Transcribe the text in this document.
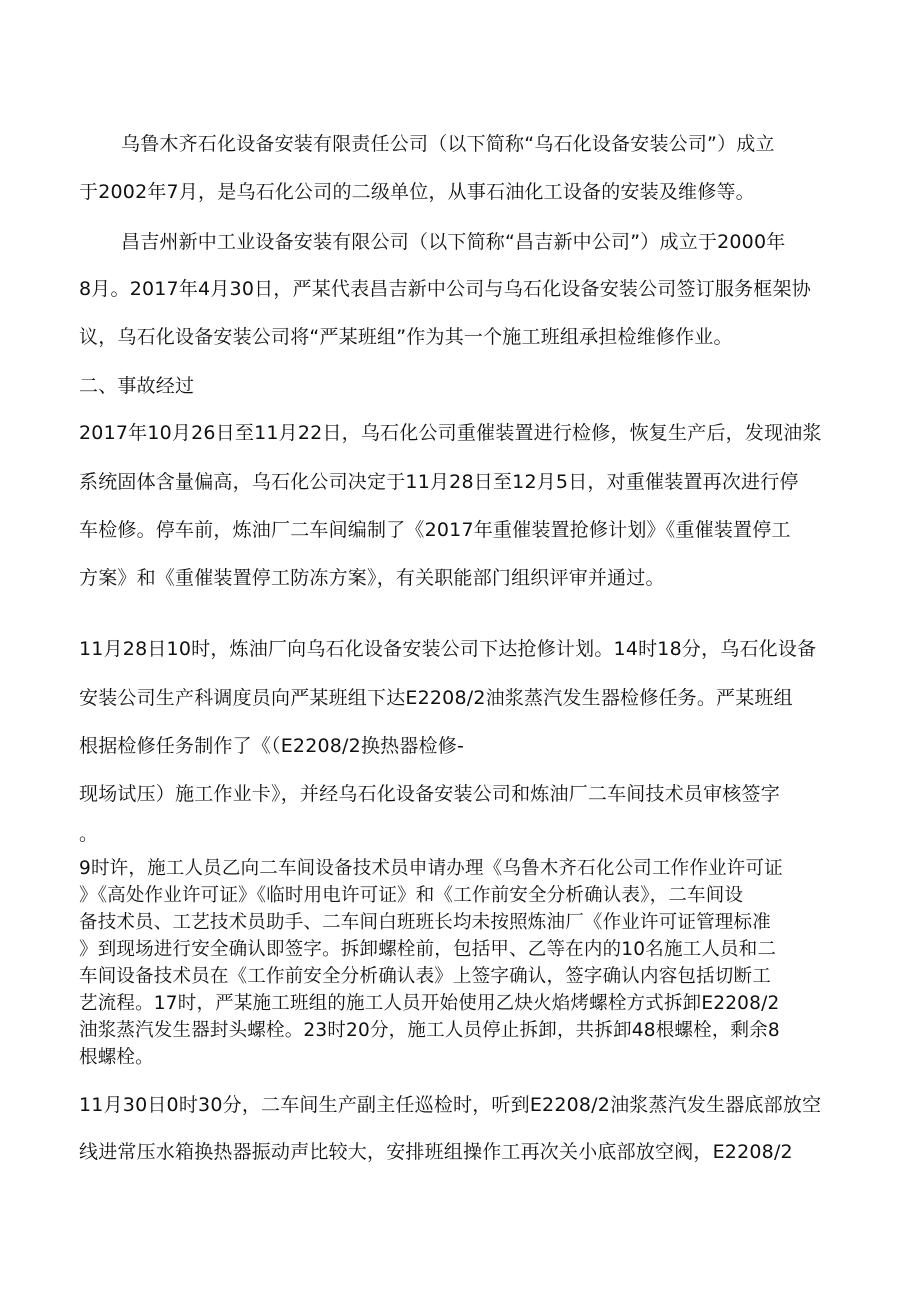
乌鲁木齐石化设备安装有限责任公司（以下简称“乌石化设备安装公司”）成立
于2002年7月，是乌石化公司的二级单位，从事石油化工设备的安装及维修等。
昌吉州新中工业设备安装有限公司（以下简称“昌吉新中公司”）成立于2000年
8月。2017年4月30日，严某代表昌吉新中公司与乌石化设备安装公司签订服务框架协
议，乌石化设备安装公司将“严某班组”作为其一个施工班组承担检维修作业。
二、事故经过
2017年10月26日至11月22日，乌石化公司重催装置进行检修，恢复生产后，发现油浆
系统固体含量偏高，乌石化公司决定于11月28日至12月5日，对重催装置再次进行停
车检修。停车前，炼油厂二车间编制了《2017年重催装置抢修计划》《重催装置停工
方案》和《重催装置停工防冻方案》，有关职能部门组织评审并通过。
11月28日10时，炼油厂向乌石化设备安装公司下达抢修计划。14时18分，乌石化设备
安装公司生产科调度员向严某班组下达E2208/2油浆蒸汽发生器检修任务。严某班组
根据检修任务制作了《（E2208/2换热器检修-
现场试压）施工作业卡》，并经乌石化设备安装公司和炼油厂二车间技术员审核签字
。
9时许，施工人员乙向二车间设备技术员申请办理《乌鲁木齐石化公司工作作业许可证
》《高处作业许可证》《临时用电许可证》和《工作前安全分析确认表》，二车间设
备技术员、工艺技术员助手、二车间白班班长均未按照炼油厂《作业许可证管理标准
》到现场进行安全确认即签字。拆卸螺栓前，包括甲、乙等在内的10名施工人员和二
车间设备技术员在《工作前安全分析确认表》上签字确认，签字确认内容包括切断工
艺流程。17时，严某施工班组的施工人员开始使用乙炔火焰烤螺栓方式拆卸E2208/2
油浆蒸汽发生器封头螺栓。23时20分，施工人员停止拆卸，共拆卸48根螺栓，剩余8
根螺栓。
11月30日0时30分，二车间生产副主任巡检时，听到E2208/2油浆蒸汽发生器底部放空
线进常压水箱换热器振动声比较大，安排班组操作工再次关小底部放空阀，E2208/2
